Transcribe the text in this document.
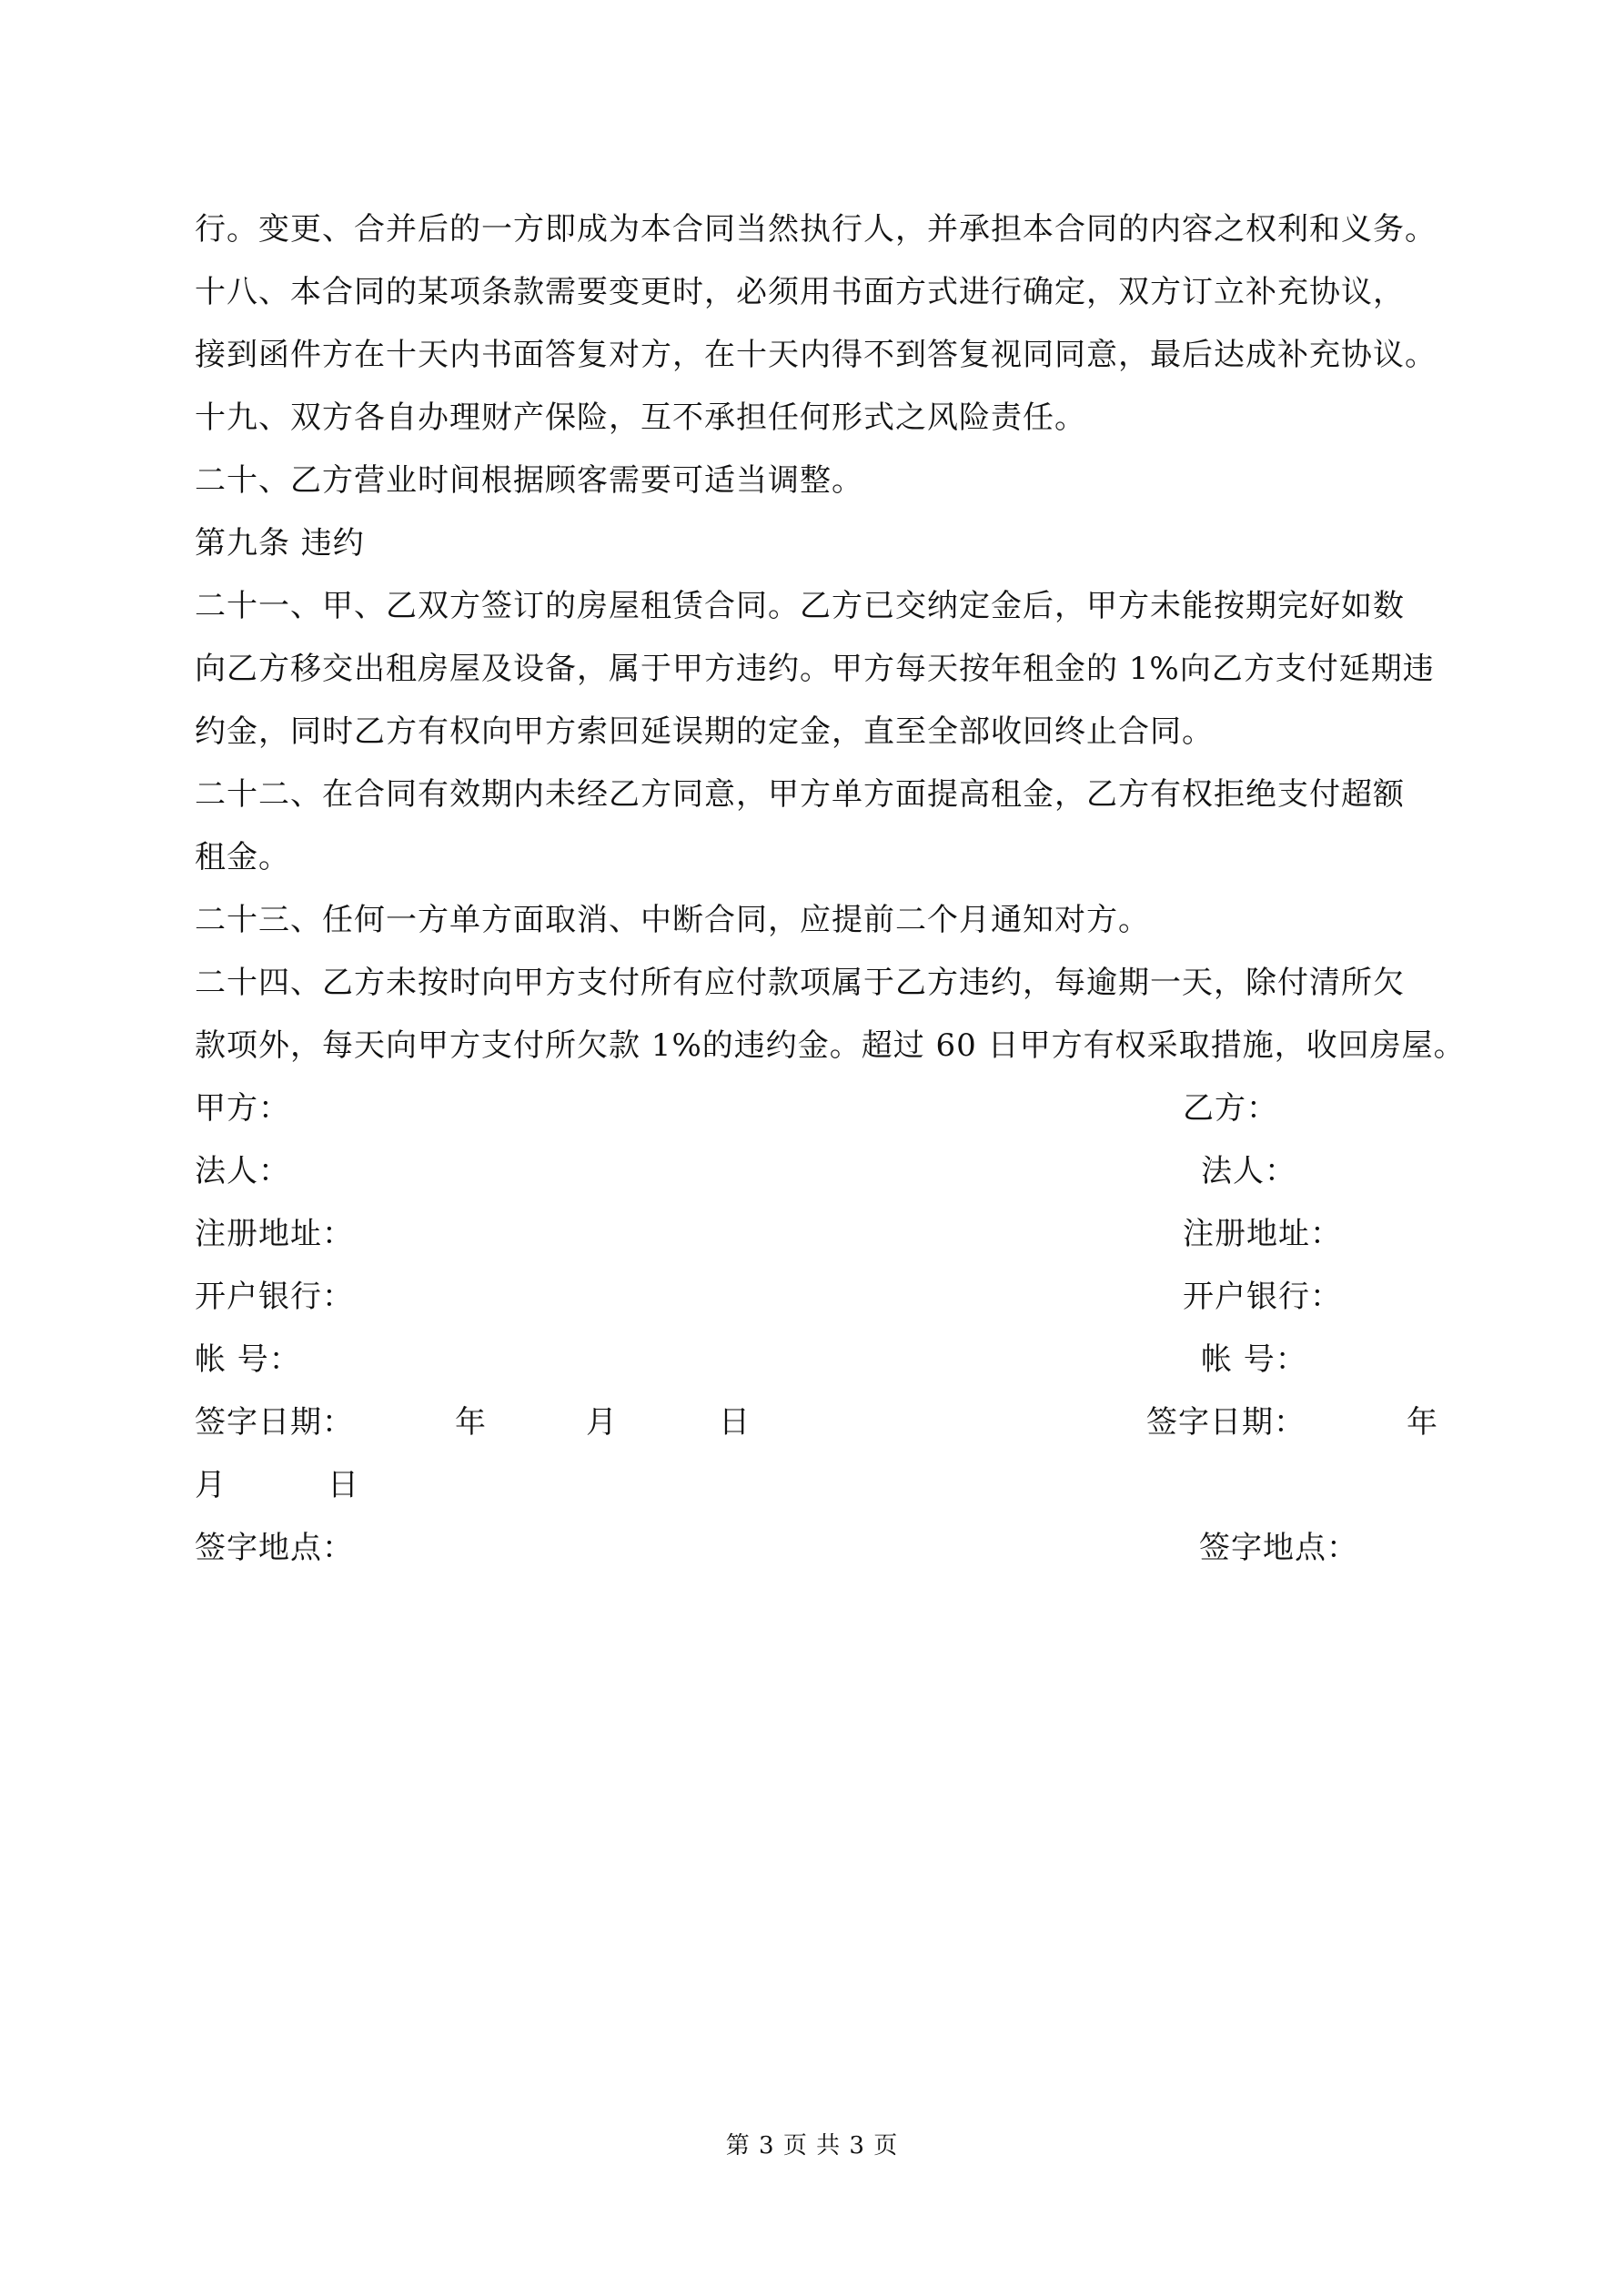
行。变更、合并后的一方即成为本合同当然执行人，并承担本合同的内容之权利和义务。
十八、本合同的某项条款需要变更时，必须用书面方式进行确定，双方订立补充协议，
接到函件方在十天内书面答复对方，在十天内得不到答复视同同意，最后达成补充协议。
十九、双方各自办理财产保险，互不承担任何形式之风险责任。
二十、乙方营业时间根据顾客需要可适当调整。
第九条 违约
二十一、甲、乙双方签订的房屋租赁合同。乙方已交纳定金后，甲方未能按期完好如数
向乙方移交出租房屋及设备，属于甲方违约。甲方每天按年租金的 1%向乙方支付延期违
约金，同时乙方有权向甲方索回延误期的定金，直至全部收回终止合同。
二十二、在合同有效期内未经乙方同意，甲方单方面提高租金，乙方有权拒绝支付超额
租金。
二十三、任何一方单方面取消、中断合同，应提前二个月通知对方。
二十四、乙方未按时向甲方支付所有应付款项属于乙方违约，每逾期一天，除付清所欠
款项外，每天向甲方支付所欠款 1%的违约金。超过 60 日甲方有权采取措施，收回房屋。
甲方：	乙方：
法人：	法人：
注册地址：	注册地址：
开户银行：	开户银行：
帐 号：	帐 号：
签字日期：	年	月	日	签字日期：	年
月	日
签字地点：	签字地点：
第 3 页 共 3 页
